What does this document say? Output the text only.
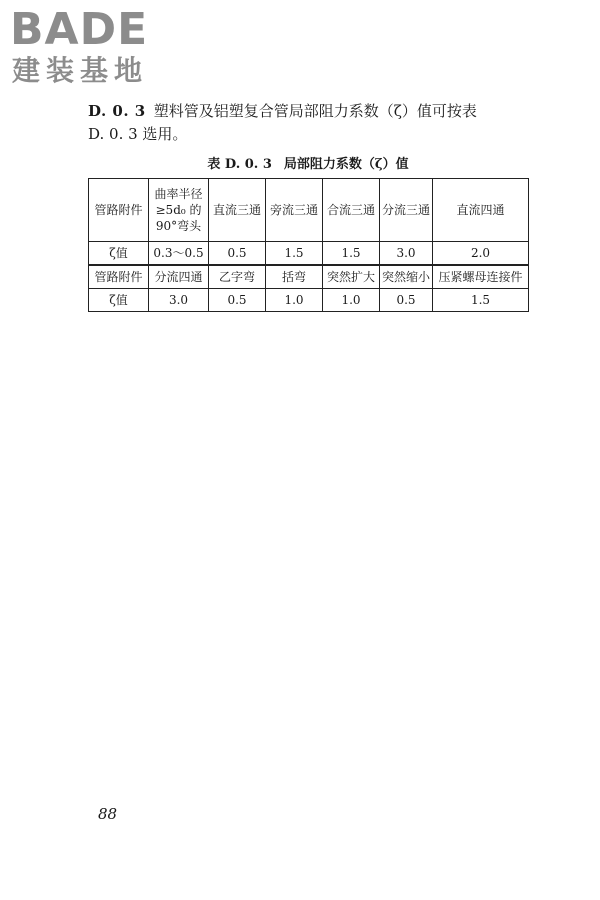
BADE
建装基地
D. 0. 3 塑料管及铝塑复合管局部阻力系数（ζ）值可按表
D. 0. 3 选用。
表 D. 0. 3 局部阻力系数（ζ）值
管路附件	曲率半径≥5d₀ 的90°弯头	直流三通	旁流三通	合流三通	分流三通	直流四通
ζ值	0.3～0.5	0.5	1.5	1.5	3.0	2.0
管路附件	分流四通	乙字弯	括弯	突然扩大	突然缩小	压紧螺母连接件
ζ值	3.0	0.5	1.0	1.0	0.5	1.5
88
